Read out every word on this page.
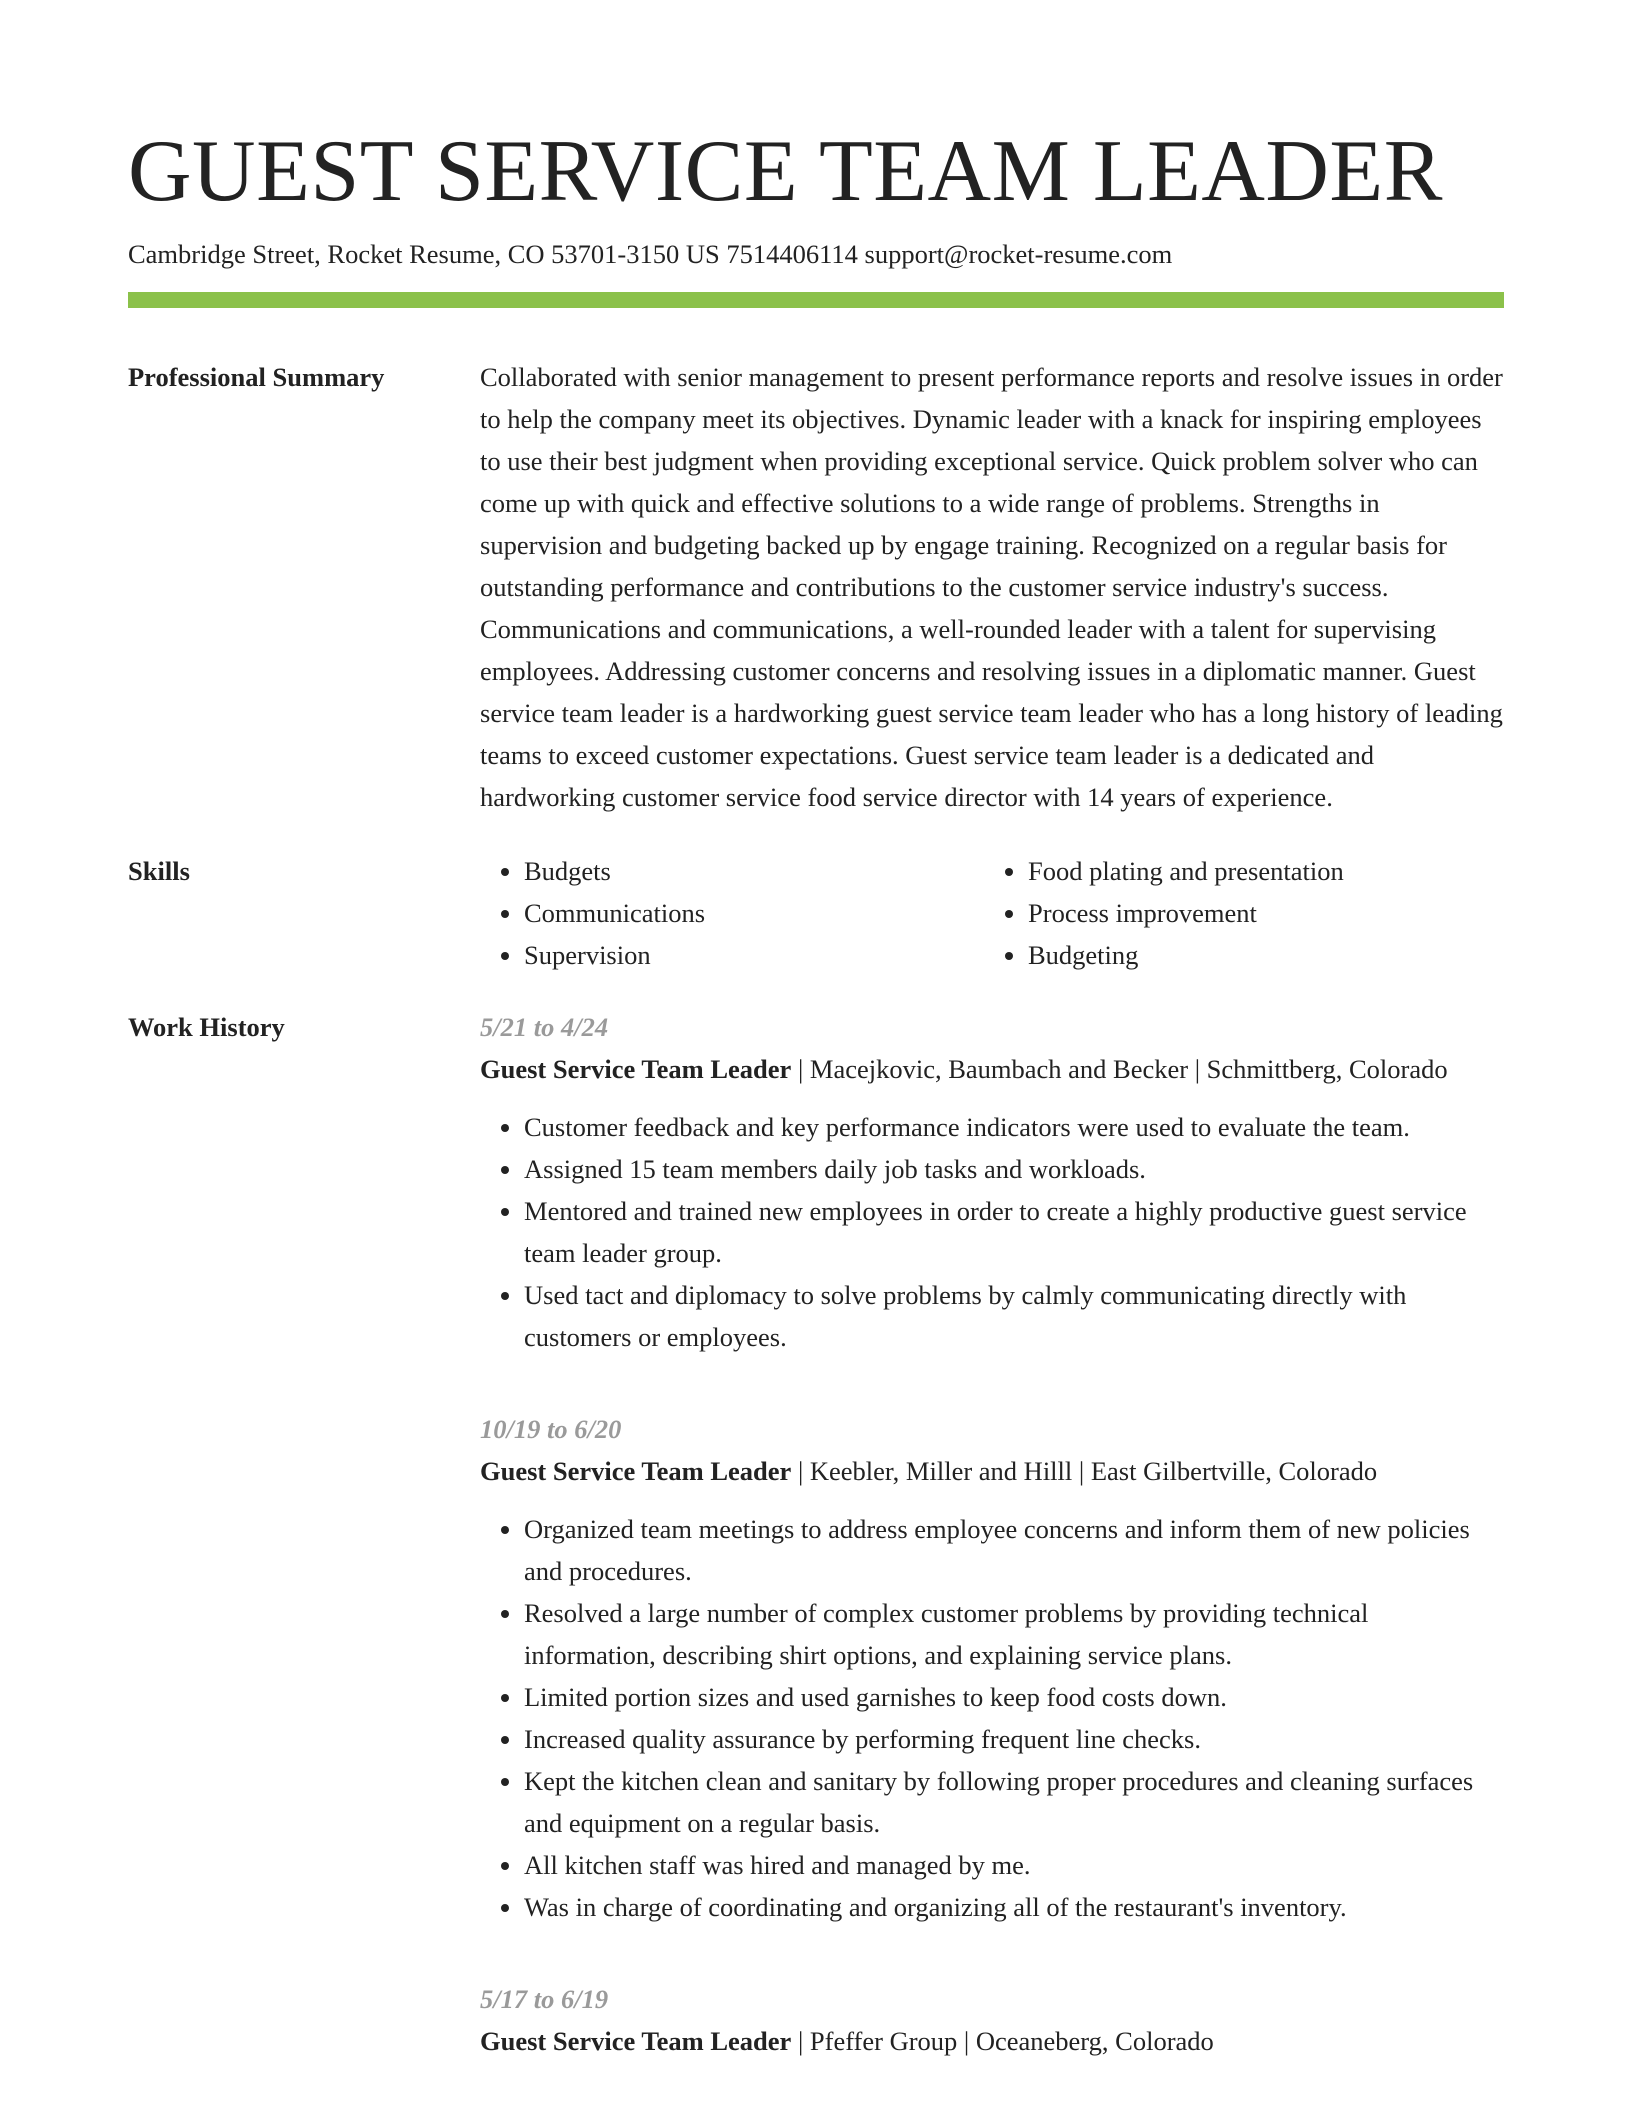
GUEST SERVICE TEAM LEADER
Cambridge Street, Rocket Resume, CO 53701-3150 US 7514406114 support@rocket-resume.com
Professional Summary	Collaborated with senior management to present performance reports and resolve issues in order to help the company meet its objectives. Dynamic leader with a knack for inspiring employees to use their best judgment when providing exceptional service. Quick problem solver who can come up with quick and effective solutions to a wide range of problems. Strengths in supervision and budgeting backed up by engage training. Recognized on a regular basis for outstanding performance and contributions to the customer service industry's success. Communications and communications, a well-rounded leader with a talent for supervising employees. Addressing customer concerns and resolving issues in a diplomatic manner. Guest service team leader is a hardworking guest service team leader who has a long history of leading teams to exceed customer expectations. Guest service team leader is a dedicated and hardworking customer service food service director with 14 years of experience.

Skills
•	Budgets
• Communications
• Supervision
• Food plating and presentation
• Process improvement
• Budgeting
Work History	5/21 to 4/24

Guest Service Team Leader | Macejkovic, Baumbach and Becker | Schmittberg, Colorado

• Customer feedback and key performance indicators were used to evaluate the team.
• Assigned 15 team members daily job tasks and workloads.
• Mentored and trained new employees in order to create a highly productive guest service team leader group.
• Used tact and diplomacy to solve problems by calmly communicating directly with customers or employees.
10/19 to 6/20

Guest Service Team Leader | Keebler, Miller and Hilll | East Gilbertville, Colorado

• Organized team meetings to address employee concerns and inform them of new policies and procedures.
• Resolved a large number of complex customer problems by providing technical information, describing shirt options, and explaining service plans.
• Limited portion sizes and used garnishes to keep food costs down.
• Increased quality assurance by performing frequent line checks.
• Kept the kitchen clean and sanitary by following proper procedures and cleaning surfaces and equipment on a regular basis.
• All kitchen staff was hired and managed by me.
• Was in charge of coordinating and organizing all of the restaurant's inventory.
5/17 to 6/19

Guest Service Team Leader | Pfeffer Group | Oceaneberg, Colorado
